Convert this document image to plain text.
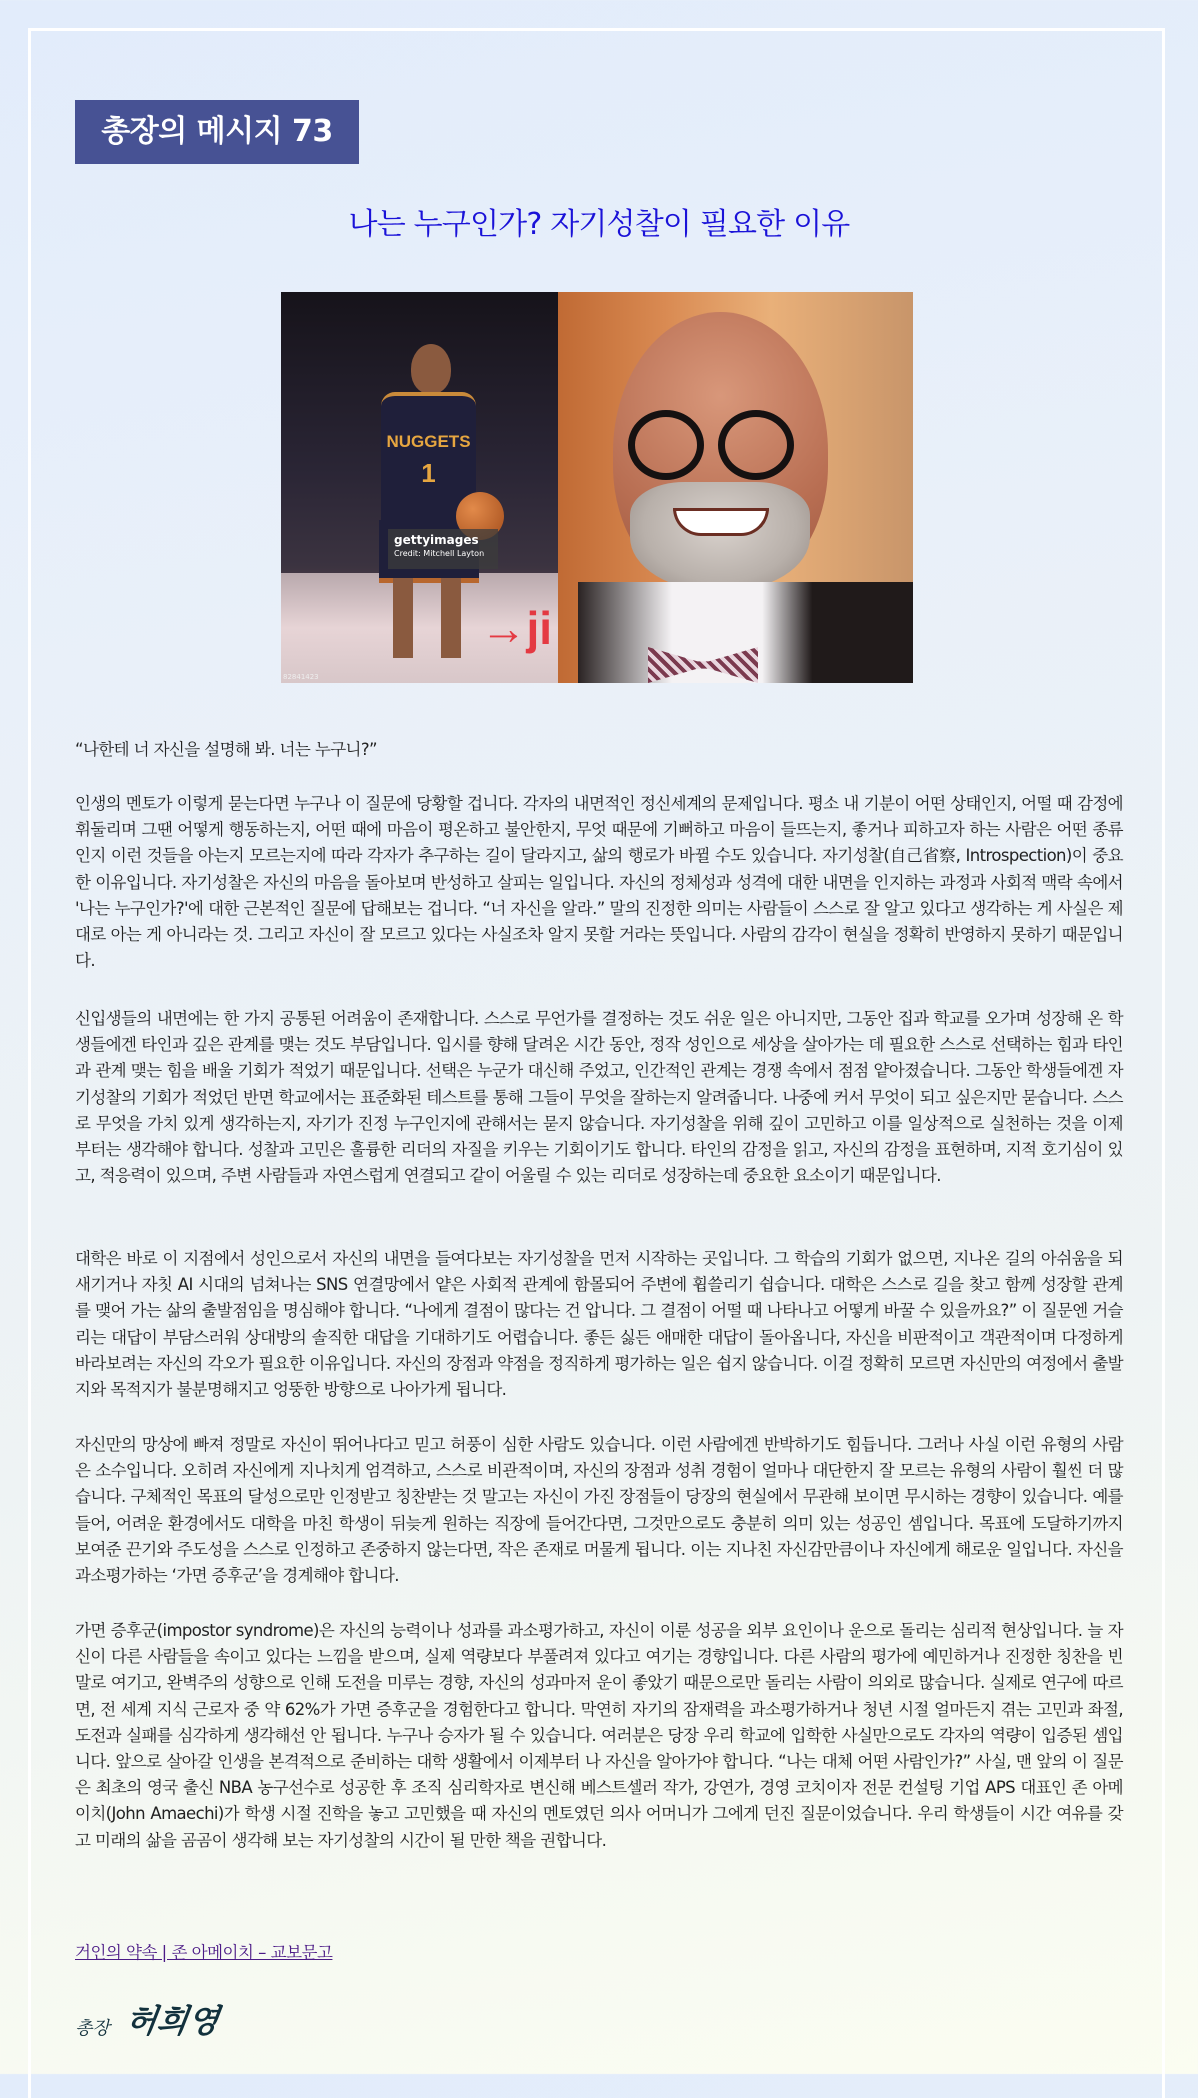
총장의 메시지 73
나는 누구인가? 자기성찰이 필요한 이유
→ji
NUGGETS
1
gettyimages
Credit: Mitchell Layton
82841423

“나한테 너 자신을 설명해 봐. 너는 누구니?”

인생의 멘토가 이렇게 묻는다면 누구나 이 질문에 당황할 겁니다. 각자의 내면적인 정신세계의 문제입니다. 평소 내 기분이 어떤 상태인지, 어떨 때 감정에 휘둘리며 그땐 어떻게 행동하는지, 어떤 때에 마음이 평온하고 불안한지, 무엇 때문에 기뻐하고 마음이 들뜨는지, 좋거나 피하고자 하는 사람은 어떤 종류인지 이런 것들을 아는지 모르는지에 따라 각자가 추구하는 길이 달라지고, 삶의 행로가 바뀔 수도 있습니다. 자기성찰(自己省察, Introspection)이 중요한 이유입니다. 자기성찰은 자신의 마음을 돌아보며 반성하고 살피는 일입니다. 자신의 정체성과 성격에 대한 내면을 인지하는 과정과 사회적 맥락 속에서 '나는 누구인가?'에 대한 근본적인 질문에 답해보는 겁니다. “너 자신을 알라.” 말의 진정한 의미는 사람들이 스스로 잘 알고 있다고 생각하는 게 사실은 제대로 아는 게 아니라는 것. 그리고 자신이 잘 모르고 있다는 사실조차 알지 못할 거라는 뜻입니다. 사람의 감각이 현실을 정확히 반영하지 못하기 때문입니다.

신입생들의 내면에는 한 가지 공통된 어려움이 존재합니다. 스스로 무언가를 결정하는 것도 쉬운 일은 아니지만, 그동안 집과 학교를 오가며 성장해 온 학생들에겐 타인과 깊은 관계를 맺는 것도 부담입니다. 입시를 향해 달려온 시간 동안, 정작 성인으로 세상을 살아가는 데 필요한 스스로 선택하는 힘과 타인과 관계 맺는 힘을 배울 기회가 적었기 때문입니다. 선택은 누군가 대신해 주었고, 인간적인 관계는 경쟁 속에서 점점 얕아졌습니다. 그동안 학생들에겐 자기성찰의 기회가 적었던 반면 학교에서는 표준화된 테스트를 통해 그들이 무엇을 잘하는지 알려줍니다. 나중에 커서 무엇이 되고 싶은지만 묻습니다. 스스로 무엇을 가치 있게 생각하는지, 자기가 진정 누구인지에 관해서는 묻지 않습니다. 자기성찰을 위해 깊이 고민하고 이를 일상적으로 실천하는 것을 이제부터는 생각해야 합니다. 성찰과 고민은 훌륭한 리더의 자질을 키우는 기회이기도 합니다. 타인의 감정을 읽고, 자신의 감정을 표현하며, 지적 호기심이 있고, 적응력이 있으며, 주변 사람들과 자연스럽게 연결되고 같이 어울릴 수 있는 리더로 성장하는데 중요한 요소이기 때문입니다.

대학은 바로 이 지점에서 성인으로서 자신의 내면을 들여다보는 자기성찰을 먼저 시작하는 곳입니다. 그 학습의 기회가 없으면, 지나온 길의 아쉬움을 되새기거나 자칫 AI 시대의 넘쳐나는 SNS 연결망에서 얕은 사회적 관계에 함몰되어 주변에 휩쓸리기 쉽습니다. 대학은 스스로 길을 찾고 함께 성장할 관계를 맺어 가는 삶의 출발점임을 명심해야 합니다. “나에게 결점이 많다는 건 압니다. 그 결점이 어떨 때 나타나고 어떻게 바꿀 수 있을까요?” 이 질문엔 거슬리는 대답이 부담스러워 상대방의 솔직한 대답을 기대하기도 어렵습니다. 좋든 싫든 애매한 대답이 돌아옵니다, 자신을 비판적이고 객관적이며 다정하게 바라보려는 자신의 각오가 필요한 이유입니다. 자신의 장점과 약점을 정직하게 평가하는 일은 쉽지 않습니다. 이걸 정확히 모르면 자신만의 여정에서 출발지와 목적지가 불분명해지고 엉뚱한 방향으로 나아가게 됩니다.

자신만의 망상에 빠져 정말로 자신이 뛰어나다고 믿고 허풍이 심한 사람도 있습니다. 이런 사람에겐 반박하기도 힘듭니다. 그러나 사실 이런 유형의 사람은 소수입니다. 오히려 자신에게 지나치게 엄격하고, 스스로 비관적이며, 자신의 장점과 성취 경험이 얼마나 대단한지 잘 모르는 유형의 사람이 훨씬 더 많습니다. 구체적인 목표의 달성으로만 인정받고 칭찬받는 것 말고는 자신이 가진 장점들이 당장의 현실에서 무관해 보이면 무시하는 경향이 있습니다. 예를 들어, 어려운 환경에서도 대학을 마친 학생이 뒤늦게 원하는 직장에 들어간다면, 그것만으로도 충분히 의미 있는 성공인 셈입니다. 목표에 도달하기까지 보여준 끈기와 주도성을 스스로 인정하고 존중하지 않는다면, 작은 존재로 머물게 됩니다. 이는 지나친 자신감만큼이나 자신에게 해로운 일입니다. 자신을 과소평가하는 ‘가면 증후군’을 경계해야 합니다.

가면 증후군(impostor syndrome)은 자신의 능력이나 성과를 과소평가하고, 자신이 이룬 성공을 외부 요인이나 운으로 돌리는 심리적 현상입니다. 늘 자신이 다른 사람들을 속이고 있다는 느낌을 받으며, 실제 역량보다 부풀려져 있다고 여기는 경향입니다. 다른 사람의 평가에 예민하거나 진정한 칭찬을 빈말로 여기고, 완벽주의 성향으로 인해 도전을 미루는 경향, 자신의 성과마저 운이 좋았기 때문으로만 돌리는 사람이 의외로 많습니다. 실제로 연구에 따르면, 전 세계 지식 근로자 중 약 62%가 가면 증후군을 경험한다고 합니다. 막연히 자기의 잠재력을 과소평가하거나 청년 시절 얼마든지 겪는 고민과 좌절, 도전과 실패를 심각하게 생각해선 안 됩니다. 누구나 승자가 될 수 있습니다. 여러분은 당장 우리 학교에 입학한 사실만으로도 각자의 역량이 입증된 셈입니다. 앞으로 살아갈 인생을 본격적으로 준비하는 대학 생활에서 이제부터 나 자신을 알아가야 합니다. “나는 대체 어떤 사람인가?” 사실, 맨 앞의 이 질문은 최초의 영국 출신 NBA 농구선수로 성공한 후 조직 심리학자로 변신해 베스트셀러 작가, 강연가, 경영 코치이자 전문 컨설팅 기업 APS 대표인 존 아메이치(John Amaechi)가 학생 시절 진학을 놓고 고민했을 때 자신의 멘토였던 의사 어머니가 그에게 던진 질문이었습니다. 우리 학생들이 시간 여유를 갖고 미래의 삶을 곰곰이 생각해 보는 자기성찰의 시간이 될 만한 책을 권합니다.

거인의 약속 | 존 아메이치 – 교보문고
총장 허희영
